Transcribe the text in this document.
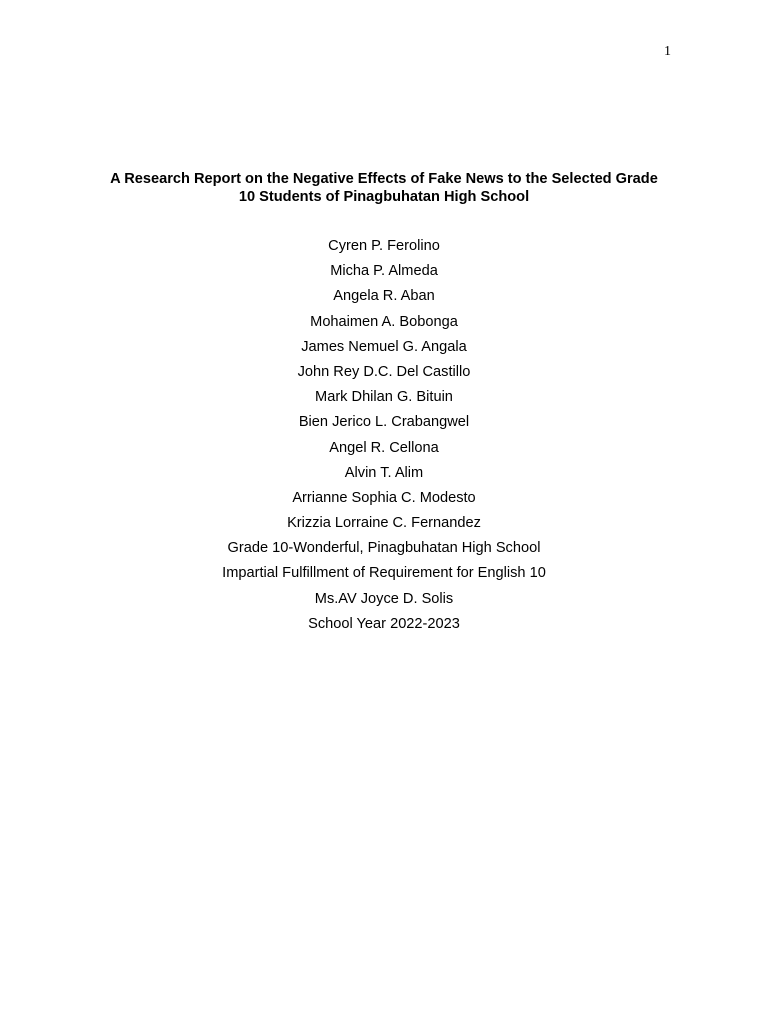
1
A Research Report on the Negative Effects of Fake News to the Selected Grade
10 Students of Pinagbuhatan High School
Cyren P. Ferolino
Micha P. Almeda
Angela R. Aban
Mohaimen A. Bobonga
James Nemuel G. Angala
John Rey D.C. Del Castillo
Mark Dhilan G. Bituin
Bien Jerico L. Crabangwel
Angel R. Cellona
Alvin T. Alim
Arrianne Sophia C. Modesto
Krizzia Lorraine C. Fernandez
Grade 10-Wonderful, Pinagbuhatan High School
Impartial Fulfillment of Requirement for English 10
Ms.AV Joyce D. Solis
School Year 2022-2023
